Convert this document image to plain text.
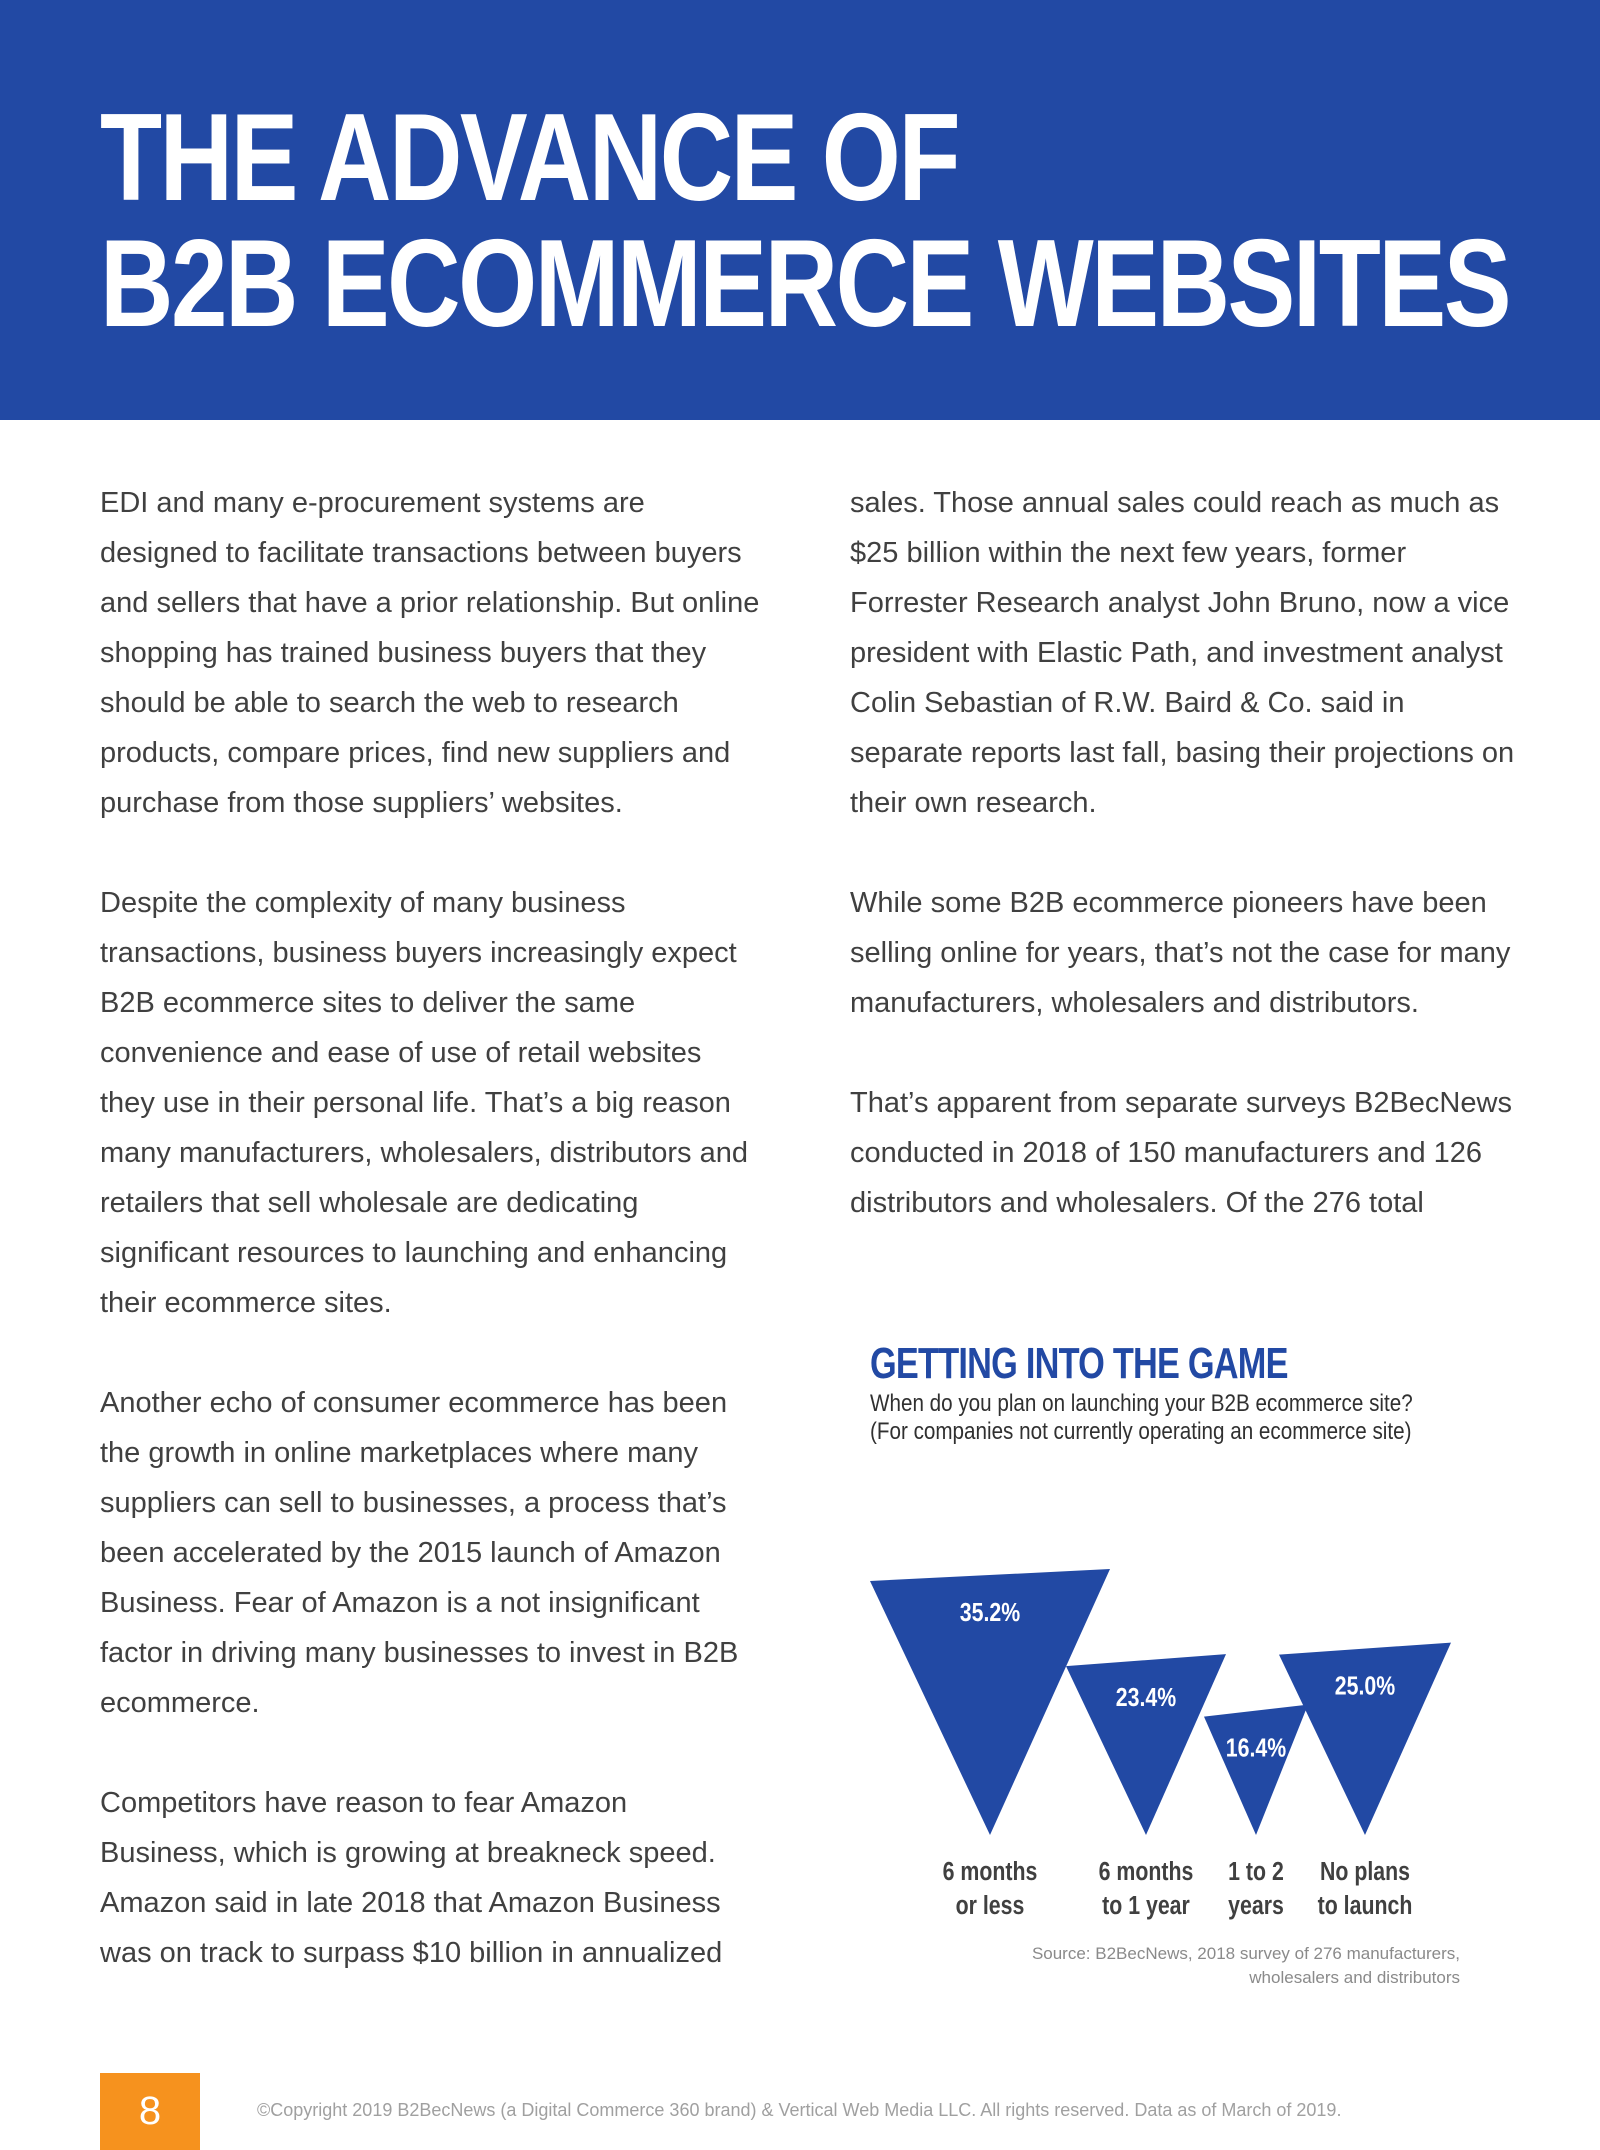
THE ADVANCE OF
B2B ECOMMERCE WEBSITES

EDI and many e-procurement systems are designed to facilitate transactions between buyers and sellers that have a prior relationship. But online shopping has trained business buyers that they should be able to search the web to research products, compare prices, find new suppliers and purchase from those suppliers’ websites.

Despite the complexity of many business transactions, business buyers increasingly expect B2B ecommerce sites to deliver the same convenience and ease of use of retail websites they use in their personal life. That’s a big reason many manufacturers, wholesalers, distributors and retailers that sell wholesale are dedicating significant resources to launching and enhancing their ecommerce sites.

Another echo of consumer ecommerce has been the growth in online marketplaces where many suppliers can sell to businesses, a process that’s been accelerated by the 2015 launch of Amazon Business. Fear of Amazon is a not insignificant factor in driving many businesses to invest in B2B ecommerce.

Competitors have reason to fear Amazon Business, which is growing at breakneck speed. Amazon said in late 2018 that Amazon Business was on track to surpass $10 billion in annualized

sales. Those annual sales could reach as much as $25 billion within the next few years, former Forrester Research analyst John Bruno, now a vice president with Elastic Path, and investment analyst Colin Sebastian of R.W. Baird & Co. said in separate reports last fall, basing their projections on their own research.

While some B2B ecommerce pioneers have been selling online for years, that’s not the case for many manufacturers, wholesalers and distributors.

That’s apparent from separate surveys B2BecNews conducted in 2018 of 150 manufacturers and 126 distributors and wholesalers. Of the 276 total

GETTING INTO THE GAME
When do you plan on launching your B2B ecommerce site?
(For companies not currently operating an ecommerce site)
35.2%
6 months
or less
23.4%
6 months
to 1 year
16.4%
1 to 2
years
25.0%
No plans
to launch
Source: B2BecNews, 2018 survey of 276 manufacturers,
wholesalers and distributors
8	©Copyright 2019 B2BecNews (a Digital Commerce 360 brand) & Vertical Web Media LLC. All rights reserved. Data as of March of 2019.
